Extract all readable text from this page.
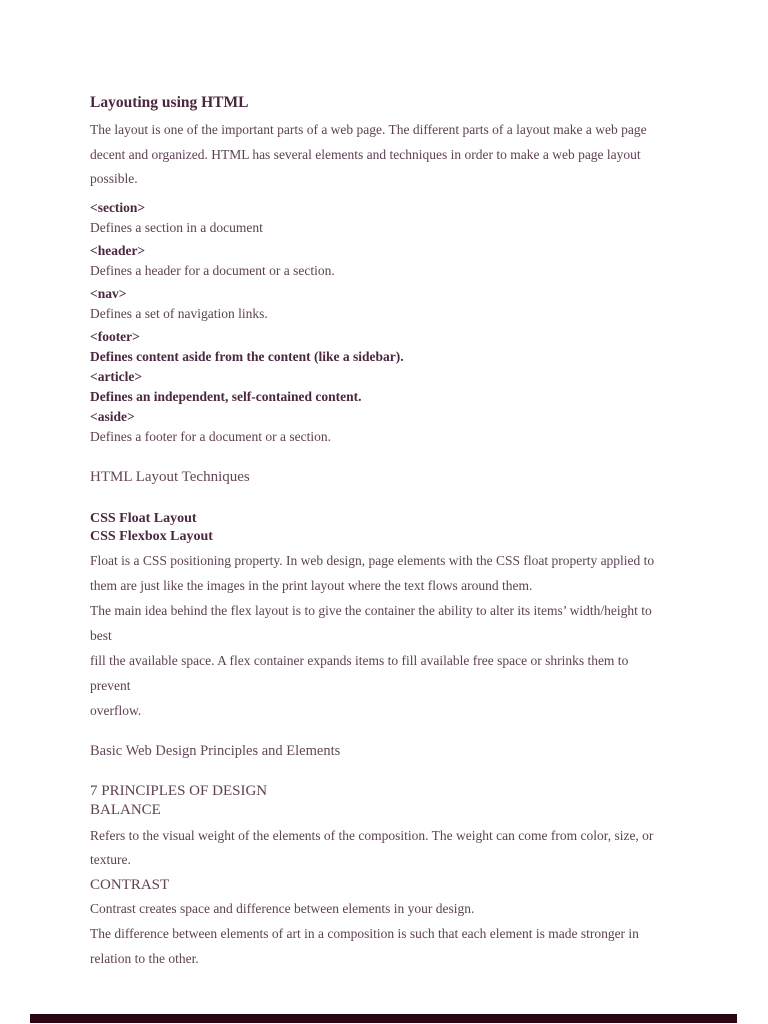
Layouting using HTML
The layout is one of the important parts of a web page. The different parts of a layout make a web page
decent and organized. HTML has several elements and techniques in order to make a web page layout
possible.
<section>
Defines a section in a document
<header>
Defines a header for a document or a section.
<nav>
Defines a set of navigation links.
<footer>
Defines content aside from the content (like a sidebar).
<article>
Defines an independent, self-contained content.
<aside>
Defines a footer for a document or a section.
HTML Layout Techniques
CSS Float Layout
CSS Flexbox Layout
Float is a CSS positioning property. In web design, page elements with the CSS float property applied to
them are just like the images in the print layout where the text flows around them.
The main idea behind the flex layout is to give the container the ability to alter its items’ width/height to best
fill the available space. A flex container expands items to fill available free space or shrinks them to prevent
overflow.
Basic Web Design Principles and Elements
7 PRINCIPLES OF DESIGN
BALANCE
Refers to the visual weight of the elements of the composition. The weight can come from color, size, or
texture.
CONTRAST
Contrast creates space and difference between elements in your design.
The difference between elements of art in a composition is such that each element is made stronger in
relation to the other.
